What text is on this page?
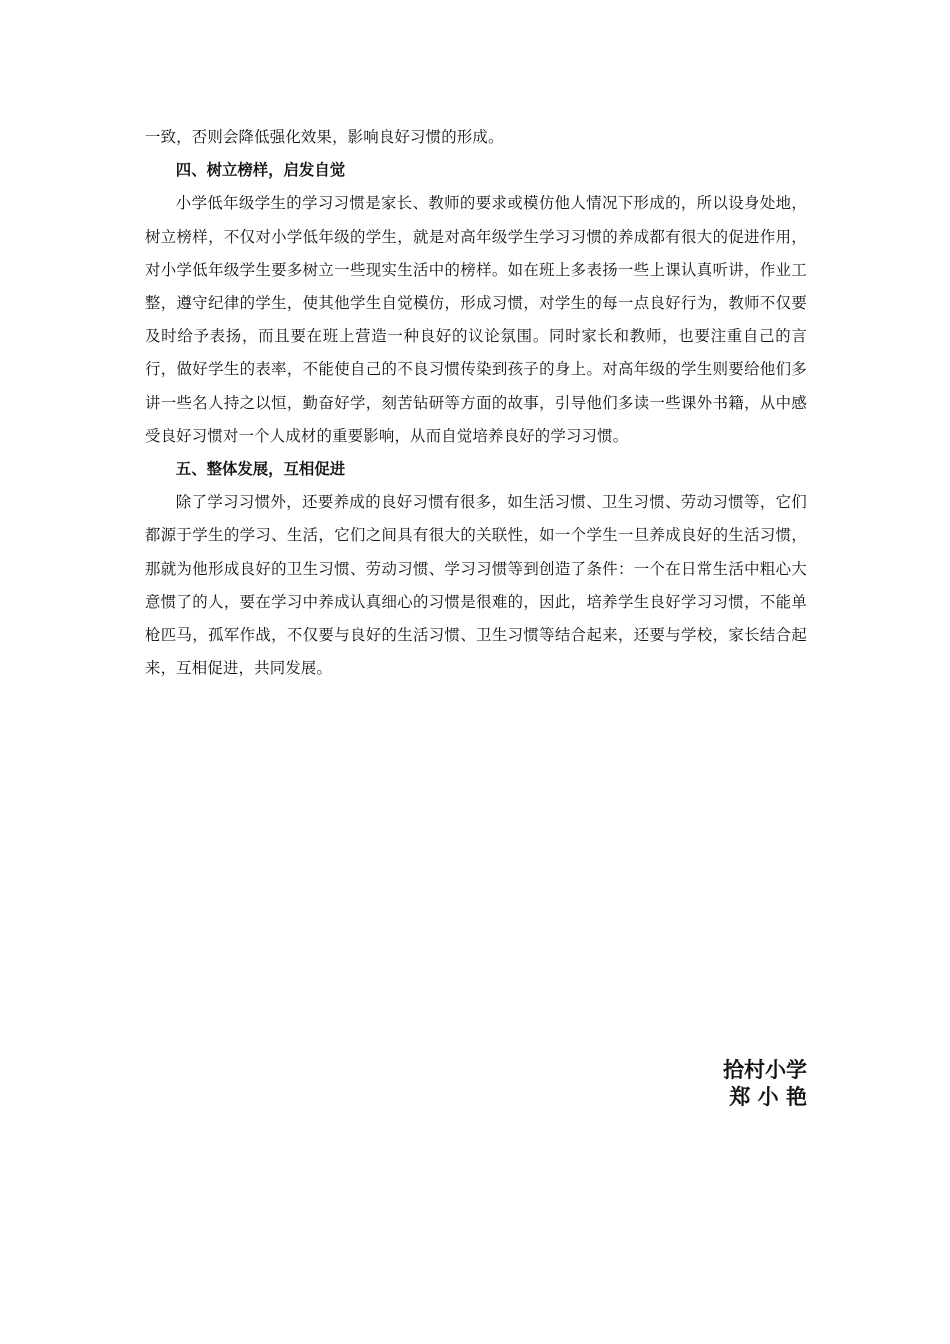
一致，否则会降低强化效果，影响良好习惯的形成。

四、树立榜样，启发自觉

小学低年级学生的学习习惯是家长、教师的要求或模仿他人情况下形成的，所以设身处地，树立榜样，不仅对小学低年级的学生，就是对高年级学生学习习惯的养成都有很大的促进作用，对小学低年级学生要多树立一些现实生活中的榜样。如在班上多表扬一些上课认真听讲，作业工整，遵守纪律的学生，使其他学生自觉模仿，形成习惯，对学生的每一点良好行为，教师不仅要及时给予表扬，而且要在班上营造一种良好的议论氛围。同时家长和教师，也要注重自己的言行，做好学生的表率，不能使自己的不良习惯传染到孩子的身上。对高年级的学生则要给他们多讲一些名人持之以恒，勤奋好学，刻苦钻研等方面的故事，引导他们多读一些课外书籍，从中感受良好习惯对一个人成材的重要影响，从而自觉培养良好的学习习惯。

五、整体发展，互相促进

除了学习习惯外，还要养成的良好习惯有很多，如生活习惯、卫生习惯、劳动习惯等，它们都源于学生的学习、生活，它们之间具有很大的关联性，如一个学生一旦养成良好的生活习惯，那就为他形成良好的卫生习惯、劳动习惯、学习习惯等到创造了条件：一个在日常生活中粗心大意惯了的人，要在学习中养成认真细心的习惯是很难的，因此，培养学生良好学习习惯，不能单枪匹马，孤军作战，不仅要与良好的生活习惯、卫生习惯等结合起来，还要与学校，家长结合起来，互相促进，共同发展。

拾村小学
郑 小 艳
